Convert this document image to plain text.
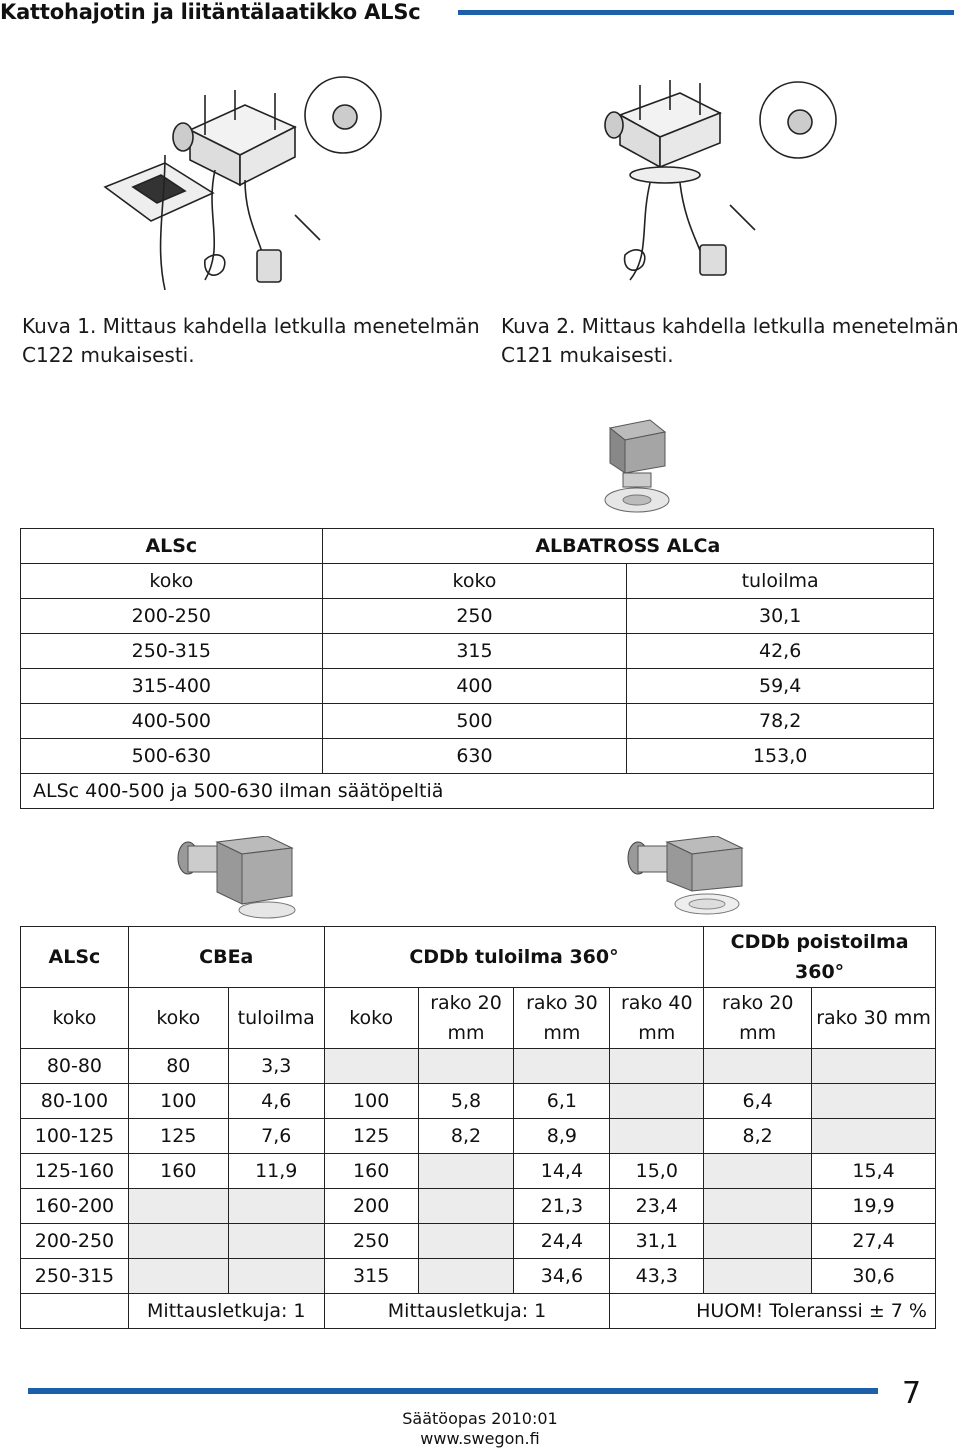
Kattohajotin ja liitäntälaatikko ALSc
Kuva 1. Mittaus kahdella letkulla menetelmän C122 mukaisesti.
Kuva 2. Mittaus kahdella letkulla menetelmän C121 mukaisesti.
ALSc	ALBATROSS ALCa	
koko	koko	tuloilma
200-250	250	30,1
250-315	315	42,6
315-400	400	59,4
400-500	500	78,2
500-630	630	153,0
ALSc 400-500 ja 500-630 ilman säätöpeltiä		
ALSc	CBEa		CDDb tuloilma 360°				CDDb poistoilma 360°	
koko	koko	tuloilma	koko	rako 20 mm	rako 30 mm	rako 40 mm	rako 20 mm	rako 30 mm
80-80	80	3,3						
80-100	100	4,6	100	5,8	6,1		6,4	
100-125	125	7,6	125	8,2	8,9		8,2	
125-160	160	11,9	160		14,4	15,0		15,4
160-200			200		21,3	23,4		19,9
200-250			250		24,4	31,1		27,4
250-315			315		34,6	43,3		30,6
	Mittausletkuja: 1		Mittausletkuja: 1			HUOM! Toleranssi ± 7 %		
7
Säätöopas 2010:01
www.swegon.fi
